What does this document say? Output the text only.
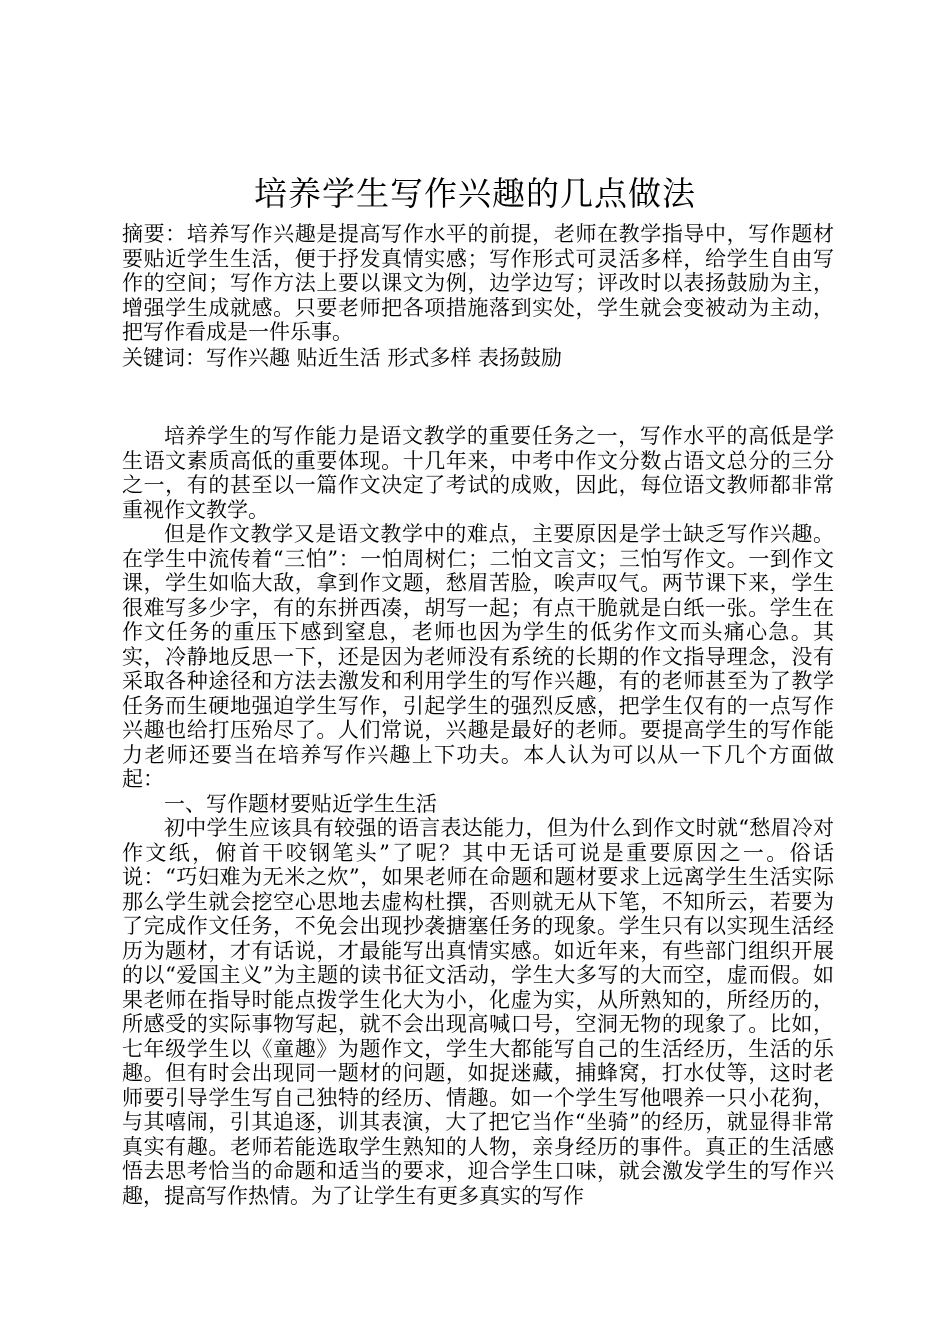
培养学生写作兴趣的几点做法

摘要：培养写作兴趣是提高写作水平的前提，老师在教学指导中，写作题材要贴近学生生活，便于抒发真情实感；写作形式可灵活多样，给学生自由写作的空间；写作方法上要以课文为例，边学边写；评改时以表扬鼓励为主，增强学生成就感。只要老师把各项措施落到实处，学生就会变被动为主动，把写作看成是一件乐事。

关键词：写作兴趣 贴近生活 形式多样 表扬鼓励

培养学生的写作能力是语文教学的重要任务之一，写作水平的高低是学生语文素质高低的重要体现。十几年来，中考中作文分数占语文总分的三分之一，有的甚至以一篇作文决定了考试的成败，因此，每位语文教师都非常重视作文教学。

但是作文教学又是语文教学中的难点，主要原因是学士缺乏写作兴趣。在学生中流传着“三怕”：一怕周树仁；二怕文言文；三怕写作文。一到作文课，学生如临大敌，拿到作文题，愁眉苦脸，唉声叹气。两节课下来，学生很难写多少字，有的东拼西凑，胡写一起；有点干脆就是白纸一张。学生在作文任务的重压下感到窒息，老师也因为学生的低劣作文而头痛心急。其实，冷静地反思一下，还是因为老师没有系统的长期的作文指导理念，没有采取各种途径和方法去激发和利用学生的写作兴趣，有的老师甚至为了教学任务而生硬地强迫学生写作，引起学生的强烈反感，把学生仅有的一点写作兴趣也给打压殆尽了。人们常说，兴趣是最好的老师。要提高学生的写作能力老师还要当在培养写作兴趣上下功夫。本人认为可以从一下几个方面做起：

一、写作题材要贴近学生生活

初中学生应该具有较强的语言表达能力，但为什么到作文时就“愁眉冷对作文纸，俯首干咬钢笔头”了呢？其中无话可说是重要原因之一。俗话说：“巧妇难为无米之炊”，如果老师在命题和题材要求上远离学生生活实际那么学生就会挖空心思地去虚构杜撰，否则就无从下笔，不知所云，若要为了完成作文任务，不免会出现抄袭搪塞任务的现象。学生只有以实现生活经历为题材，才有话说，才最能写出真情实感。如近年来，有些部门组织开展的以“爱国主义”为主题的读书征文活动，学生大多写的大而空，虚而假。如果老师在指导时能点拨学生化大为小，化虚为实，从所熟知的，所经历的，所感受的实际事物写起，就不会出现高喊口号，空洞无物的现象了。比如，七年级学生以《童趣》为题作文，学生大都能写自己的生活经历，生活的乐趣。但有时会出现同一题材的问题，如捉迷藏，捕蜂窝，打水仗等，这时老师要引导学生写自己独特的经历、情趣。如一个学生写他喂养一只小花狗，与其嘻闹，引其追逐，训其表演，大了把它当作“坐骑”的经历，就显得非常真实有趣。老师若能选取学生熟知的人物，亲身经历的事件。真正的生活感悟去思考恰当的命题和适当的要求，迎合学生口味，就会激发学生的写作兴趣，提高写作热情。为了让学生有更多真实的写作
